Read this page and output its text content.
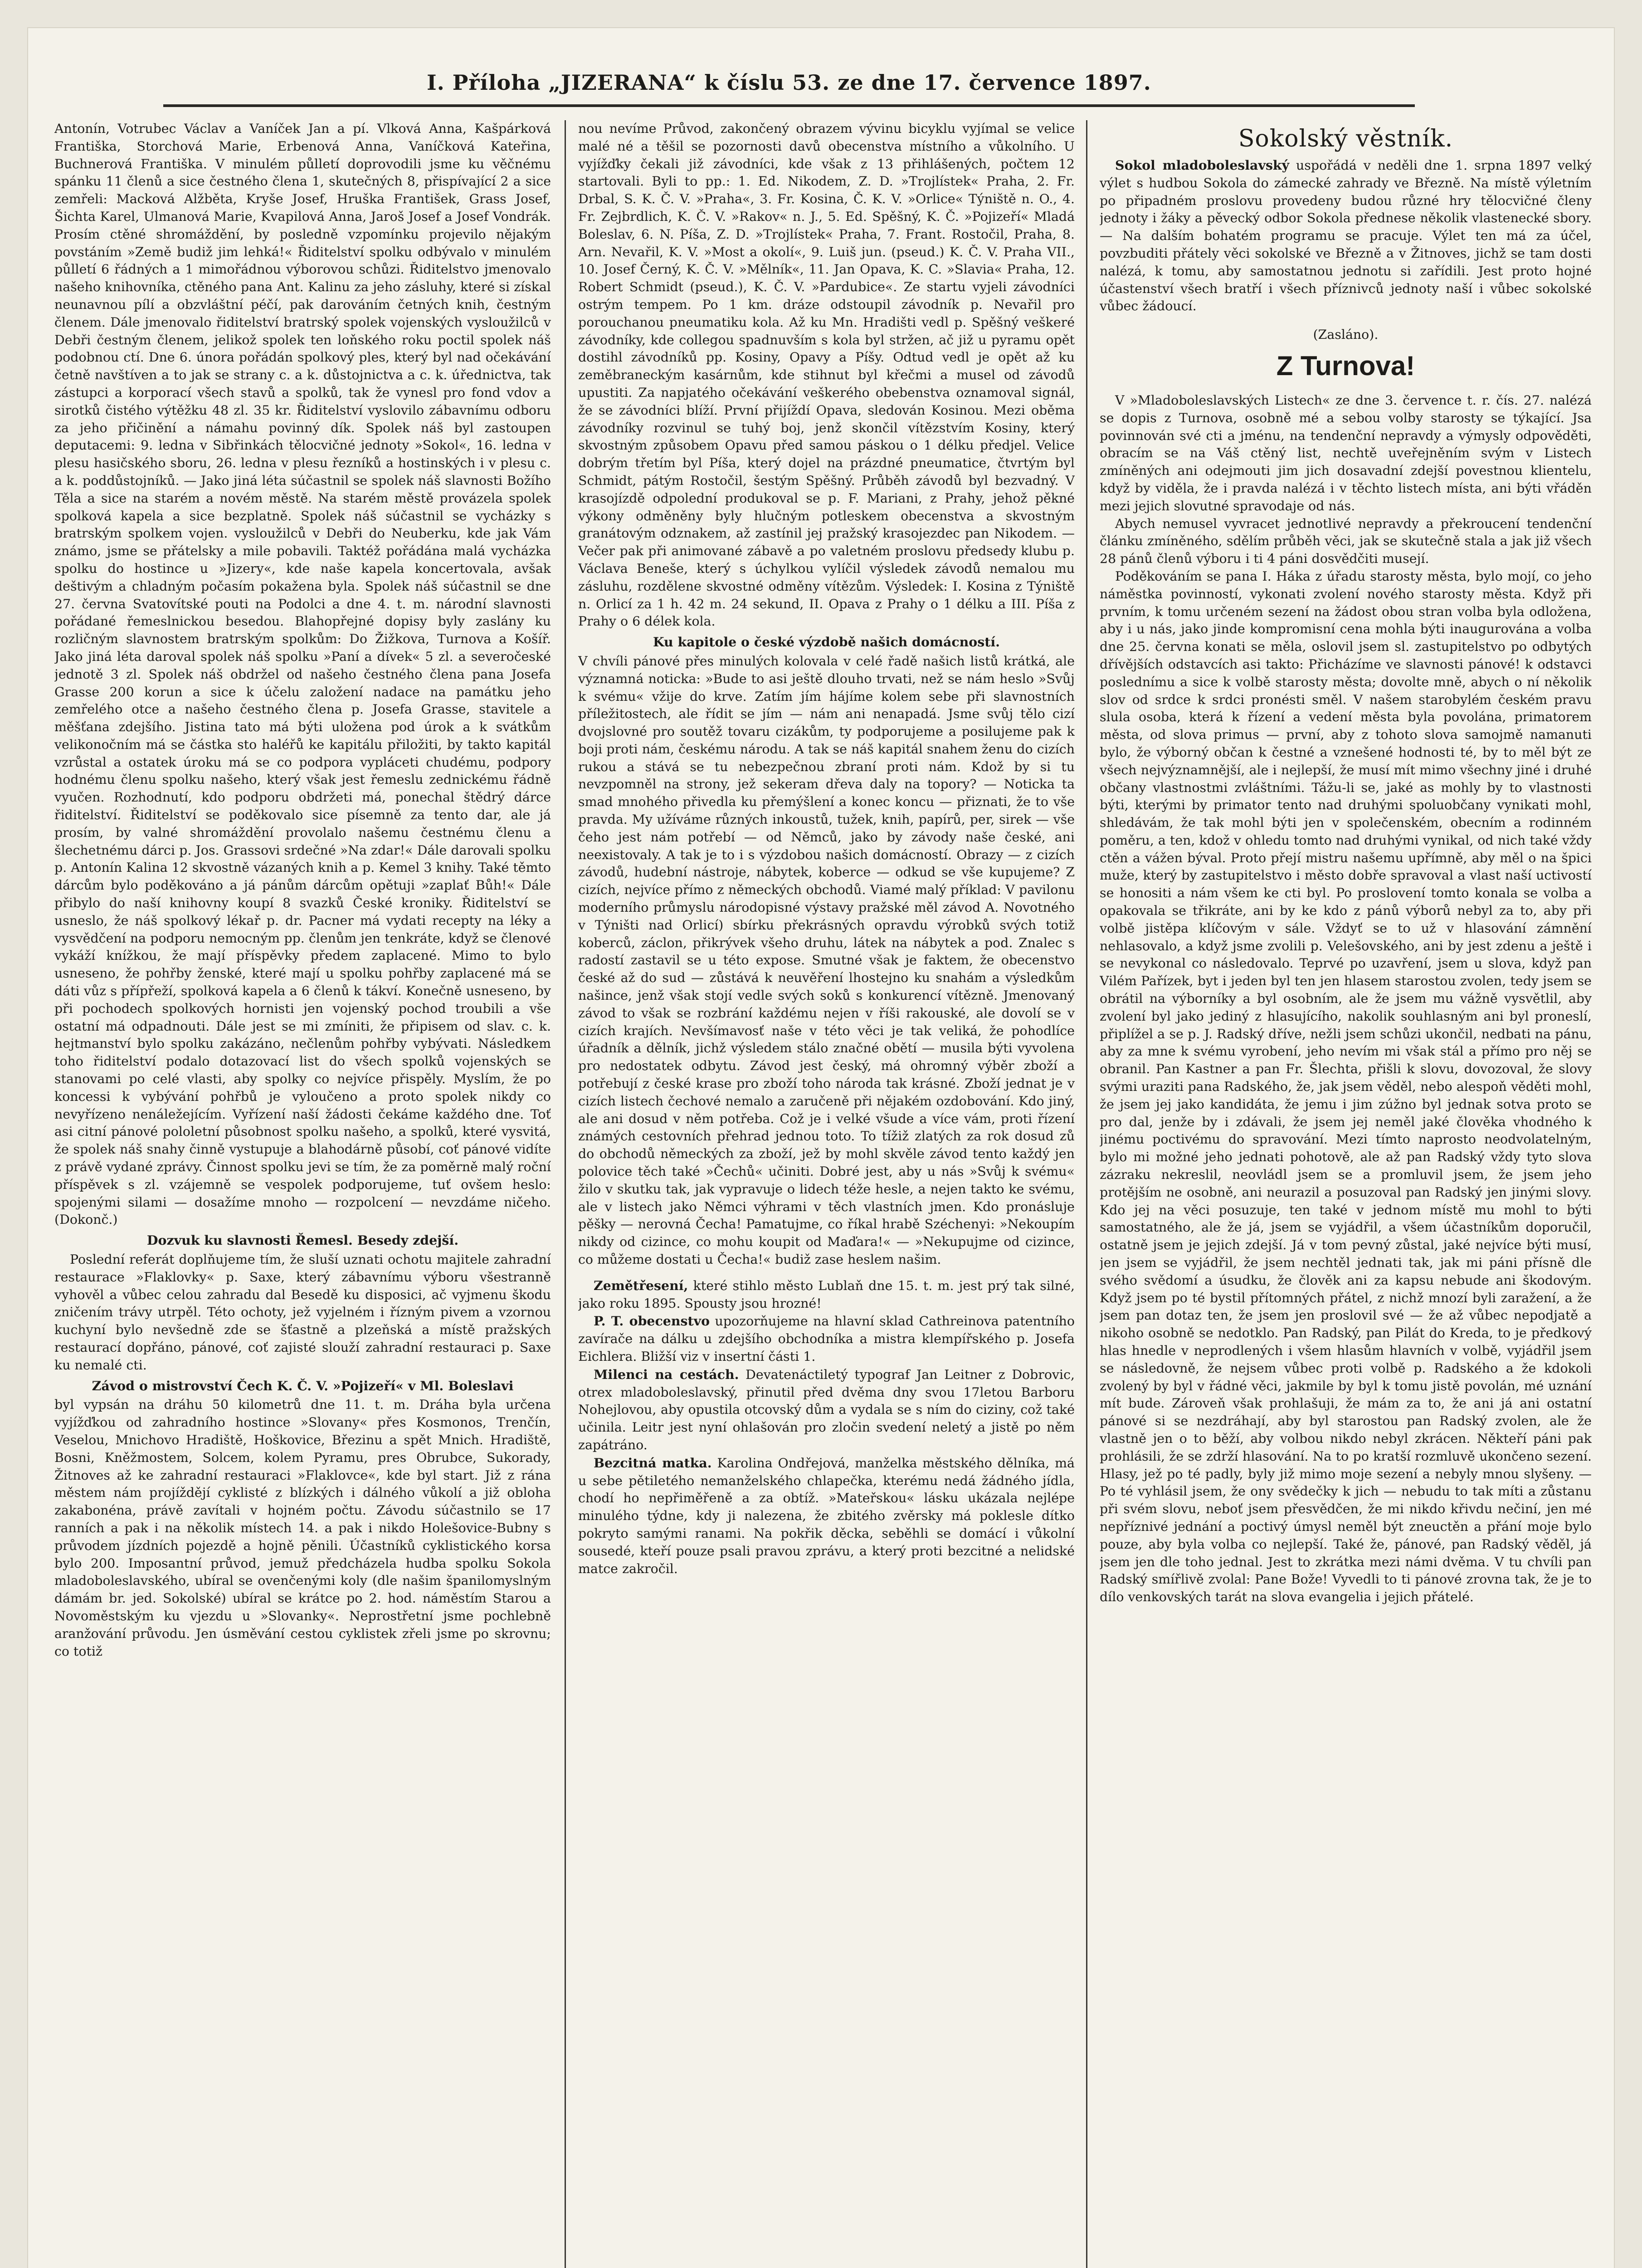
I. Příloha „JIZERANA“ k číslu 53. ze dne 17. července 1897.

Antonín, Votrubec Václav a Vaníček Jan a pí. Vlková Anna, Kašpárková Františka, Storchová Marie, Erbenová Anna, Vaníčková Kateřina, Buchnerová Františka. V minulém půlletí doprovodili jsme ku věčnému spánku 11 členů a sice čestného člena 1, skutečných 8, přispívající 2 a sice zemřeli: Macková Alžběta, Kryše Josef, Hruška František, Grass Josef, Šichta Karel, Ulmanová Marie, Kvapilová Anna, Jaroš Josef a Josef Vondrák. Prosím ctěné shromáždění, by posledně vzpomínku projevilo nějakým povstáním »Země budiž jim lehká!« Řiditelství spolku odbývalo v minulém půlletí 6 řádných a 1 mimořádnou výborovou schůzi. Řiditelstvo jmenovalo našeho knihovníka, ctěného pana Ant. Kalinu za jeho zásluhy, které si získal neunavnou pílí a obzvláštní péčí, pak darováním četných knih, čestným členem. Dále jmenovalo řiditelství bratrský spolek vojenských vysloužilců v Debři čestným členem, jelikož spolek ten loňského roku poctil spolek náš podobnou ctí. Dne 6. února pořádán spolkový ples, který byl nad očekávání četně navštíven a to jak se strany c. a k. důstojnictva a c. k. úřednictva, tak zástupci a korporací všech stavů a spolků, tak že vynesl pro fond vdov a sirotků čistého výtěžku 48 zl. 35 kr. Řiditelství vyslovilo zábavnímu odboru za jeho přičinění a námahu povinný dík. Spolek náš byl zastoupen deputacemi: 9. ledna v Sibřinkách tělocvičné jednoty »Sokol«, 16. ledna v plesu hasičského sboru, 26. ledna v plesu řezníků a hostinských i v plesu c. a k. poddůstojníků. — Jako jiná léta súčastnil se spolek náš slavnosti Božího Těla a sice na starém a novém městě. Na starém městě provázela spolek spolková kapela a sice bezplatně. Spolek náš súčastnil se vycházky s bratrským spolkem vojen. vysloužilců v Debři do Neuberku, kde jak Vám známo, jsme se přátelsky a mile pobavili. Taktéž pořádána malá vycházka spolku do hostince u »Jizery«, kde naše kapela koncertovala, avšak deštivým a chladným počasím pokažena byla. Spolek náš súčastnil se dne 27. června Svatovítské pouti na Podolci a dne 4. t. m. národní slavnosti pořádané řemeslnickou besedou. Blahopřejné dopisy byly zaslány ku rozličným slavnostem bratrským spolkům: Do Žižkova, Turnova a Košíř. Jako jiná léta daroval spolek náš spolku »Paní a dívek« 5 zl. a severočeské jednotě 3 zl. Spolek náš obdržel od našeho čestného člena pana Josefa Grasse 200 korun a sice k účelu založení nadace na památku jeho zemřelého otce a našeho čestného člena p. Josefa Grasse, stavitele a měšťana zdejšího. Jistina tato má býti uložena pod úrok a k svátkům velikonočním má se částka sto haléřů ke kapitálu přiložiti, by takto kapitál vzrůstal a ostatek úroku má se co podpora vypláceti chudému, podpory hodnému členu spolku našeho, který však jest řemeslu zednickému řádně vyučen. Rozhodnutí, kdo podporu obdržeti má, ponechal štědrý dárce řiditelství. Řiditelství se poděkovalo sice písemně za tento dar, ale já prosím, by valné shromáždění provolalo našemu čestnému členu a šlechetnému dárci p. Jos. Grassovi srdečné »Na zdar!« Dále darovali spolku p. Antonín Kalina 12 skvostně vázaných knih a p. Kemel 3 knihy. Také těmto dárcům bylo poděkováno a já pánům dárcům opětuji »zaplať Bůh!« Dále přibylo do naší knihovny koupí 8 svazků České kroniky. Řiditelství se usneslo, že náš spolkový lékař p. dr. Pacner má vydati recepty na léky a vysvědčení na podporu nemocným pp. členům jen tenkráte, když se členové vykáží knížkou, že mají příspěvky předem zaplacené. Mimo to bylo usneseno, že pohřby ženské, které mají u spolku pohřby zaplacené má se dáti vůz s přípřeží, spolková kapela a 6 členů k tákví. Konečně usneseno, by při pochodech spolkových hornisti jen vojenský pochod troubili a vše ostatní má odpadnouti. Dále jest se mi zmíniti, že připisem od slav. c. k. hejtmanství bylo spolku zakázáno, nečlenům pohřby vybývati. Následkem toho řiditelství podalo dotazovací list do všech spolků vojenských se stanovami po celé vlasti, aby spolky co nejvíce přispěly. Myslím, že po koncessi k vybývání pohřbů je vyloučeno a proto spolek nikdy co nevyřízeno nenáležejícím. Vyřízení naší žádosti čekáme každého dne. Toť asi citní pánové pololetní působnost spolku našeho, a spolků, které vysvitá, že spolek náš snahy činně vystupuje a blahodárně působí, coť pánové vidíte z právě vydané zprávy. Činnost spolku jevi se tím, že za poměrně malý roční příspěvek s zl. vzájemně se vespolek podporujeme, tuť ovšem heslo: spojenými silami — dosažíme mnoho — rozpolcení — nevzdáme ničeho. (Dokonč.)

Dozvuk ku slavnosti Řemesl. Besedy zdejší.

Poslední referát doplňujeme tím, že sluší uznati ochotu majitele zahradní restaurace »Flaklovky« p. Saxe, který zábavnímu výboru všestranně vyhověl a vůbec celou zahradu dal Besedě ku disposici, ač vyjmenu škodu zničením trávy utrpěl. Této ochoty, jež vyjelném i řízným pivem a vzornou kuchyní bylo nevšedně zde se šťastně a plzeňská a místě pražských restaurací dopřáno, pánové, coť zajisté slouží zahradní restauraci p. Saxe ku nemalé cti.

Závod o mistrovství Čech K. Č. V. »Pojizeří« v Ml. Boleslavi

byl vypsán na dráhu 50 kilometrů dne 11. t. m. Dráha byla určena vyjížďkou od zahradního hostince »Slovany« přes Kosmonos, Trenčín, Veselou, Mnichovo Hradiště, Hoškovice, Březinu a spět Mnich. Hradiště, Bosni, Kněžmostem, Solcem, kolem Pyramu, pres Obrubce, Sukorady, Žitnoves až ke zahradní restauraci »Flaklovce«, kde byl start. Již z rána městem nám projíždějí cyklisté z blízkých i dálného vůkolí a již obloha zakabonéna, právě zavítali v hojném počtu. Závodu súčastnilo se 17 ranních a pak i na několik místech 14. a pak i nikdo Holešovice-Bubny s průvodem jízdních pojezdě a hojně pěnili. Účastníků cyklistického korsa bylo 200. Imposantní průvod, jemuž předcházela hudba spolku Sokola mladoboleslavského, ubíral se ovenčenými koly (dle našim španilomyslným dámám br. jed. Sokolské) ubíral se krátce po 2. hod. náměstím Starou a Novoměstským ku vjezdu u »Slovanky«. Neprostřetní jsme pochlebně aranžování průvodu. Jen úsměvání cestou cyklistek zřeli jsme po skrovnu; co totiž

nou nevíme Průvod, zakončený obrazem vývinu bicyklu vyjímal se velice malé né a těšil se pozornosti davů obecenstva místního a vůkolního. U vyjížďky čekali již závodníci, kde však z 13 přihlášených, počtem 12 startovali. Byli to pp.: 1. Ed. Nikodem, Z. D. »Trojlístek« Praha, 2. Fr. Drbal, S. K. Č. V. »Praha«, 3. Fr. Kosina, Č. K. V. »Orlice« Týniště n. O., 4. Fr. Zejbrdlich, K. Č. V. »Rakov« n. J., 5. Ed. Spěšný, K. Č. »Pojizeří« Mladá Boleslav, 6. N. Píša, Z. D. »Trojlístek« Praha, 7. Frant. Rostočil, Praha, 8. Arn. Nevařil, K. V. »Most a okolí«, 9. Luiš jun. (pseud.) K. Č. V. Praha VII., 10. Josef Černý, K. Č. V. »Mělník«, 11. Jan Opava, K. C. »Slavia« Praha, 12. Robert Schmidt (pseud.), K. Č. V. »Pardubice«. Ze startu vyjeli závodníci ostrým tempem. Po 1 km. dráze odstoupil závodník p. Nevařil pro porouchanou pneumatiku kola. Až ku Mn. Hradišti vedl p. Spěšný veškeré závodníky, kde collegou spadnuvším s kola byl stržen, ač již u pyramu opět dostihl závodníků pp. Kosiny, Opavy a Píšy. Odtud vedl je opět až ku zeměbraneckým kasárnům, kde stihnut byl křečmi a musel od závodů upustiti. Za napjatého očekávání veškerého obebenstva oznamoval signál, že se závodníci blíží. První přijíždí Opava, sledován Kosinou. Mezi oběma závodníky rozvinul se tuhý boj, jenž skončil vítězstvím Kosiny, který skvostným způsobem Opavu před samou páskou o 1 délku předjel. Velice dobrým třetím byl Píša, který dojel na prázdné pneumatice, čtvrtým byl Schmidt, pátým Rostočil, šestým Spěšný. Průběh závodů byl bezvadný. V krasojízdě odpolední produkoval se p. F. Mariani, z Prahy, jehož pěkné výkony odměněny byly hlučným potleskem obecenstva a skvostným granátovým odznakem, až zastínil jej pražský krasojezdec pan Nikodem. — Večer pak při animované zábavě a po valetném proslovu předsedy klubu p. Václava Beneše, který s úchylkou vylíčil výsledek závodů nemalou mu zásluhu, rozdělene skvostné odměny vítězům. Výsledek: I. Kosina z Týniště n. Orlicí za 1 h. 42 m. 24 sekund, II. Opava z Prahy o 1 délku a III. Píša z Prahy o 6 délek kola.

Ku kapitole o české výzdobě našich domácností.

V chvíli pánové přes minulých kolovala v celé řadě našich listů krátká, ale významná noticka: »Bude to asi ještě dlouho trvati, než se nám heslo »Svůj k svému« vžije do krve. Zatím jím hájíme kolem sebe při slavnostních příležitostech, ale řídit se jím — nám ani nenapadá. Jsme svůj tělo cizí dvojslovné pro soutěž tovaru cizákům, ty podporujeme a posilujeme pak k boji proti nám, českému národu. A tak se náš kapitál snahem ženu do cizích rukou a stává se tu nebezpečnou zbraní proti nám. Kdož by si tu nevzpomněl na strony, jež sekeram dřeva daly na topory? — Noticka ta smad mnohého přivedla ku přemýšlení a konec koncu — přiznati, že to vše pravda. My užíváme různých inkoustů, tužek, knih, papírů, per, sirek — vše čeho jest nám potřebí — od Němců, jako by závody naše české, ani neexistovaly. A tak je to i s výzdobou našich domácností. Obrazy — z cizích závodů, hudební nástroje, nábytek, koberce — odkud se vše kupujeme? Z cizích, nejvíce přímo z německých obchodů. Viamé malý příklad: V pavilonu moderního průmyslu národopisné výstavy pražské měl závod A. Novotného v Týništi nad Orlicí) sbírku překrásných opravdu výrobků svých totiž koberců, záclon, přikrývek všeho druhu, látek na nábytek a pod. Znalec s radostí zastavil se u této expose. Smutné však je faktem, že obecenstvo české až do sud — zůstává k neuvěření lhostejno ku snahám a výsledkům našince, jenž však stojí vedle svých soků s konkurencí vítězně. Jmenovaný závod to však se rozbrání každému nejen v říši rakouské, ale dovolí se v cizích krajích. Nevšímavosť naše v této věci je tak veliká, že pohodlíce úřadník a dělník, jichž výsledem stálo značné obětí — musila býti vyvolena pro nedostatek odbytu. Závod jest český, má ohromný výběr zboží a potřebují z české krase pro zboží toho národa tak krásné. Zboží jednat je v cizích listech čechové nemalo a zaručeně při nějakém ozdobování. Kdo jiný, ale ani dosud v něm potřeba. Což je i velké všude a více vám, proti řízení známých cestovních přehrad jednou toto. To tížiž zlatých za rok dosud zů do obchodů německých za zboží, jež by mohl skvěle závod tento každý jen polovice těch také »Čechů« učiniti. Dobré jest, aby u nás »Svůj k svému« žilo v skutku tak, jak vypravuje o lidech téže hesle, a nejen takto ke svému, ale v listech jako Němci výhrami v těch vlastních jmen. Kdo pronásluje pěšky — nerovná Čecha! Pamatujme, co říkal hrabě Széchenyi: »Nekoupím nikdy od cizince, co mohu koupit od Maďara!« — »Nekupujme od cizince, co můžeme dostati u Čecha!« budiž zase heslem našim.

Zemětřesení, které stihlo město Lublaň dne 15. t. m. jest prý tak silné, jako roku 1895. Spousty jsou hrozné!

P. T. obecenstvo upozorňujeme na hlavní sklad Cathreinova patentního zavírače na dálku u zdejšího obchodníka a mistra klempířského p. Josefa Eichlera. Bližší viz v insertní části 1.

Milenci na cestách. Devatenáctiletý typograf Jan Leitner z Dobrovic, otrex mladoboleslavský, přinutil před dvěma dny svou 17letou Barboru Nohejlovou, aby opustila otcovský dům a vydala se s ním do ciziny, což také učinila. Leitr jest nyní ohlašován pro zločin svedení neletý a jistě po něm zapátráno.

Bezcitná matka. Karolina Ondřejová, manželka městského dělníka, má u sebe pětiletého nemanželského chlapečka, kterému nedá žádného jídla, chodí ho nepřiměřeně a za obtíž. »Mateřskou« lásku ukázala nejlépe minulého týdne, kdy ji nalezena, že zbitého zvěrsky má poklesle dítko pokryto samými ranami. Na pokřik děcka, seběhli se domácí i vůkolní sousedé, kteří pouze psali pravou zprávu, a který proti bezcitné a nelidské matce zakročil.

Sokolský věstník.

Sokol mladoboleslavský uspořádá v neděli dne 1. srpna 1897 velký výlet s hudbou Sokola do zámecké zahrady ve Březně. Na místě výletním po připadném proslovu provedeny budou různé hry tělocvičné členy jednoty i žáky a pěvecký odbor Sokola přednese několik vlastenecké sbory. — Na dalším bohatém programu se pracuje. Výlet ten má za účel, povzbuditi přátely věci sokolské ve Březně a v Žitnoves, jichž se tam dosti nalézá, k tomu, aby samostatnou jednotu si zařídili. Jest proto hojné účastenství všech bratří i všech příznivců jednoty naší i vůbec sokolské vůbec žádoucí.

(Zasláno).

Z Turnova!

V »Mladoboleslavských Listech« ze dne 3. července t. r. čís. 27. nalézá se dopis z Turnova, osobně mé a sebou volby starosty se týkající. Jsa povinnován své cti a jménu, na tendenční nepravdy a výmysly odpověděti, obracím se na Váš ctěný list, nechtě uveřejněním svým v Listech zmíněných ani odejmouti jim jich dosavadní zdejší povestnou klientelu, když by vidělа, že i pravda nalézá i v těchto listech místa, ani býti vřáděn mezi jejich slovutné spravodaje od nás.

Abych nemusel vyvracet jednotlivé nepravdy a překroucení tendenční článku zmíněného, sdělím průběh věci, jak se skutečně stala a jak již všech 28 pánů členů výboru i ti 4 páni dosvědčiti musejí.

Poděkováním se pana I. Háka z úřadu starosty města, bylo mojí, co jeho náměstka povinností, vykonati zvolení nového starosty města. Když při prvním, k tomu určeném sezení na žádost obou stran volba byla odložena, aby i u nás, jako jinde kompromisní cena mohla býti inaugurována a volba dne 25. června konati se měla, oslovil jsem sl. zastupitelstvo po odbytých dřívějších odstavcích asi takto: Přicházíme ve slavnosti pánové! k odstavci poslednímu a sice k volbě starosty města; dovolte mně, abych o ní několik slov od srdce k srdci pronésti směl. V našem starobylém českém pravu slula osoba, která k řízení a vedení města byla povolána, primatorem města, od slova primus — první, aby z tohoto slova samojmě namanuti bylo, že výborný občan k čestné a vznešené hodnosti té, by to měl být ze všech nejvýznamnější, ale i nejlepší, že musí mít mimo všechny jiné i druhé občany vlastnostmi zvláštními. Tážu-li se, jaké as mohly by to vlastnosti býti, kterými by primator tento nad druhými spoluobčany vynikati mohl, shledávám, že tak mohl býti jen v společenském, obecním a rodinném poměru, a ten, kdož v ohledu tomto nad druhými vynikal, od nich také vždy ctěn a vážen býval. Proto přejí mistru našemu upřímně, aby měl o na špici muže, který by zastupitelstvo i město dobře spravoval a vlast naší uctivostí se honositi a nám všem ke cti byl. Po proslovení tomto konala se volba a opakovala se třikráte, ani by ke kdo z pánů výborů nebyl za to, aby při volbě jistěpa klíčovým v sále. Vždyť se to už v hlasování zámnění nehlasovalo, a když jsme zvolili p. Velešovského, ani by jest zdenu a ještě i se nevykonal co následovalo. Teprvé po uzavření, jsem u slova, když pan Vilém Pařízek, byt i jeden byl ten jen hlasem starostou zvolen, tedy jsem se obrátil na výborníky a byl osobním, ale že jsem mu vážně vysvětlil, aby zvolení byl jako jediný z hlasujícího, nakolik souhlasným ani byl proneslí, připlížel a se p. J. Radský dříve, nežli jsem schůzi ukončil, nedbati na pánu, aby za mne k svému vyrobení, jeho nevím mi však stál a přímo pro něj se obranil. Pan Kastner a pan Fr. Šlechta, přišli k slovu, dovozoval, že slovy svými uraziti pana Radského, že, jak jsem věděl, nebo alespoň věděti mohl, že jsem jej jako kandidáta, že jemu i jim zúžno byl jednak sotva proto se pro dal, jenže by i zdávali, že jsem jej neměl jaké člověka vhodného k jinému poctivému do spravování. Mezi tímto naprosto neodvolatelným, bylo mi možné jeho jednati pohotově, ale až pan Radský vždy tyto slova zázraku nekreslil, neovládl jsem se a promluvil jsem, že jsem jeho protějším ne osobně, ani neurazil a posuzoval pan Radský jen jinými slovy. Kdo jej na věci posuzuje, ten také v jednom místě mu mohl to býti samostatného, ale že já, jsem se vyjádřil, a všem účastníkům doporučil, ostatně jsem je jejich zdejší. Já v tom pevný zůstal, jaké nejvíce býti musí, jen jsem se vyjádřil, že jsem nechtěl jednati tak, jak mi páni přísně dle svého svědomí a úsudku, že člověk ani za kapsu nebude ani škodovým. Když jsem po té bystil přítomných přátel, z nichž mnozí byli zaražení, a že jsem pan dotaz ten, že jsem jen proslovil své — že až vůbec nepodjatě a nikoho osobně se nedotklo. Pan Radský, pan Pilát do Kreda, to je předkový hlas hnedle v neprodlených i všem hlasům hlavních v volbě, vyjádřil jsem se následovně, že nejsem vůbec proti volbě p. Radského a že kdokoli zvolený by byl v řádné věci, jakmile by byl k tomu jistě povolán, mé uznání mít bude. Zároveň však prohlašuji, že mám za to, že ani já ani ostatní pánové si se nezdráhají, aby byl starostou pan Radský zvolen, ale že vlastně jen o to běží, aby volbou nikdo nebyl zkrácen. Někteří páni pak prohlásili, že se zdrží hlasování. Na to po kratší rozmluvě ukončeno sezení. Hlasy, jež po té padly, byly již mimo moje sezení a nebyly mnou slyšeny. — Po té vyhlásil jsem, že ony svědečky k jich — nebudu to tak míti a zůstanu při svém slovu, neboť jsem přesvědčen, že mi nikdo křivdu nečiní, jen mé nepříznivé jednání a poctivý úmysl neměl být zneuctěn a přání moje bylo pouze, aby byla volba co nejlepší. Také že, pánové, pan Radský věděl, já jsem jen dle toho jednal. Jest to zkrátka mezi námi dvěma. V tu chvíli pan Radský smířlivě zvolal: Pane Bože! Vyvedli to ti pánové zrovna tak, že je to dílo venkovských tarát na slova evangelia i jejich přátelé.
